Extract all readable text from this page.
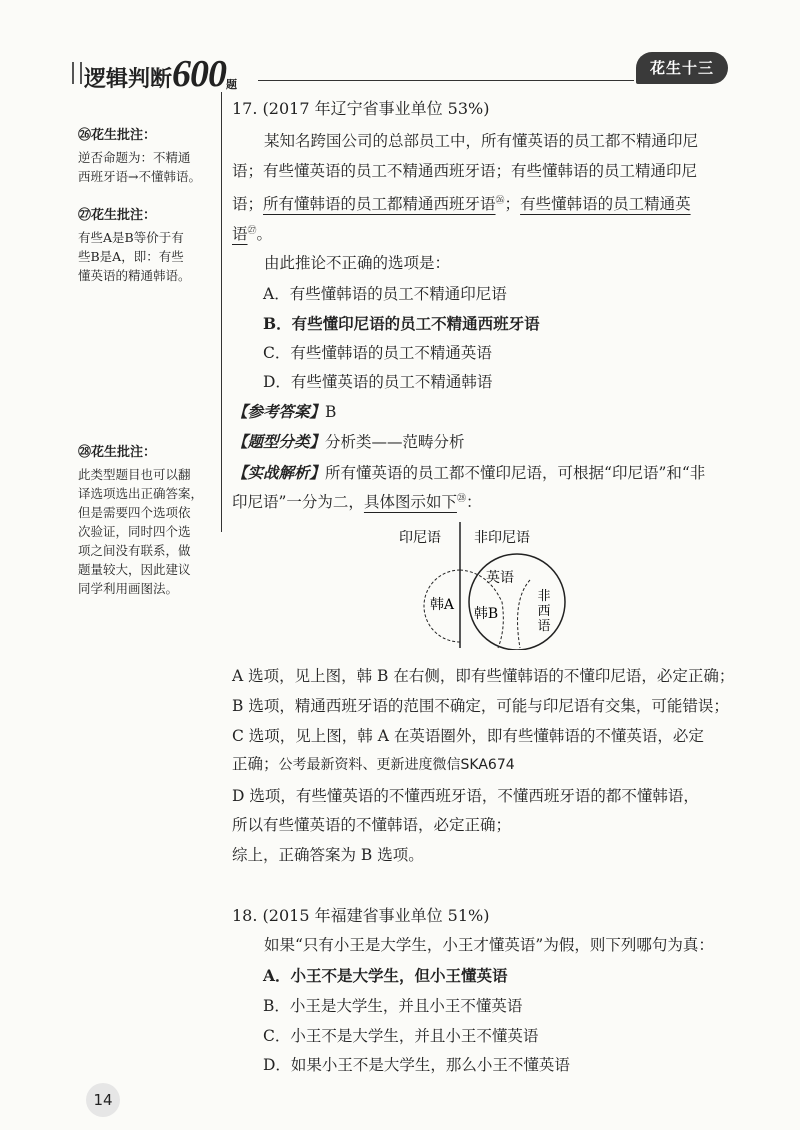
逻辑判断600题
花生十三
㉖花生批注：
逆否命题为：不精通
西班牙语→不懂韩语。
㉗花生批注：
有些A是B等价于有
些B是A，即：有些
懂英语的精通韩语。
㉘花生批注：
此类型题目也可以翻
译选项选出正确答案，
但是需要四个选项依
次验证，同时四个选
项之间没有联系，做
题量较大，因此建议
同学利用画图法。
17. (2017 年辽宁省事业单位 53%)
某知名跨国公司的总部员工中，所有懂英语的员工都不精通印尼
语；有些懂英语的员工不精通西班牙语；有些懂韩语的员工精通印尼
语；所有懂韩语的员工都精通西班牙语$^㉖$；有些懂韩语的员工精通英
语$^㉗$。
由此推论不正确的选项是：
A．有些懂韩语的员工不精通印尼语
B．有些懂印尼语的员工不精通西班牙语
C．有些懂韩语的员工不精通英语
D．有些懂英语的员工不精通韩语
【参考答案】B
【题型分类】分析类——范畴分析
【实战解析】所有懂英语的员工都不懂印尼语，可根据“印尼语”和“非
印尼语”一分为二，具体图示如下$^㉘$：
印尼语 非印尼语
英语
韩A
韩B
非
西
语
A 选项，见上图，韩 B 在右侧，即有些懂韩语的不懂印尼语，必定正确；
B 选项，精通西班牙语的范围不确定，可能与印尼语有交集，可能错误；
C 选项，见上图，韩 A 在英语圈外，即有些懂韩语的不懂英语，必定
正确；公考最新资料、更新进度微信SKA674
D 选项，有些懂英语的不懂西班牙语，不懂西班牙语的都不懂韩语，
所以有些懂英语的不懂韩语，必定正确；
综上，正确答案为 B 选项。
18. (2015 年福建省事业单位 51%)
如果“只有小王是大学生，小王才懂英语”为假，则下列哪句为真：
A．小王不是大学生，但小王懂英语
B．小王是大学生，并且小王不懂英语
C．小王不是大学生，并且小王不懂英语
D．如果小王不是大学生，那么小王不懂英语
14
